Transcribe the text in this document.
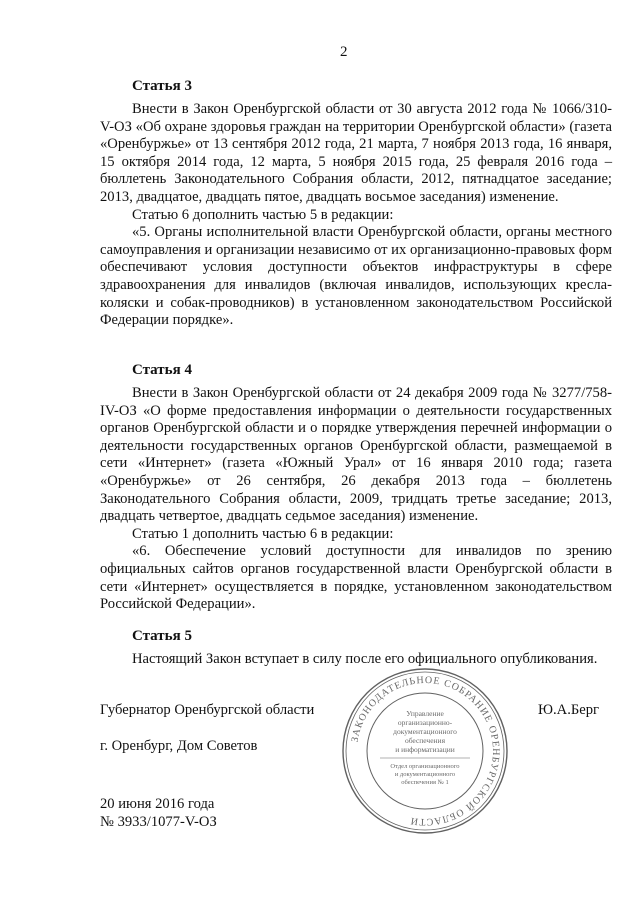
2
Статья 3

Внести в Закон Оренбургской области от 30 августа 2012 года № 1066/310-V-ОЗ «Об охране здоровья граждан на территории Оренбургской области» (газета «Оренбуржье» от 13 сентября 2012 года, 21 марта, 7 ноября 2013 года, 16 января, 15 октября 2014 года, 12 марта, 5 ноября 2015 года, 25 февраля 2016 года – бюллетень Законодательного Собрания области, 2012, пятнадцатое заседание; 2013, двадцатое, двадцать пятое, двадцать восьмое заседания) изменение.

Статью 6 дополнить частью 5 в редакции:

«5. Органы исполнительной власти Оренбургской области, органы местного самоуправления и организации независимо от их организационно-правовых форм обеспечивают условия доступности объектов инфраструктуры в сфере здравоохранения для инвалидов (включая инвалидов, использующих кресла-коляски и собак-проводников) в установленном законодательством Российской Федерации порядке».

Статья 4

Внести в Закон Оренбургской области от 24 декабря 2009 года № 3277/758-IV-ОЗ «О форме предоставления информации о деятельности государственных органов Оренбургской области и о порядке утверждения перечней информации о деятельности государственных органов Оренбургской области, размещаемой в сети «Интернет» (газета «Южный Урал» от 16 января 2010 года; газета «Оренбуржье» от 26 сентября, 26 декабря 2013 года – бюллетень Законодательного Собрания области, 2009, тридцать третье заседание; 2013, двадцать четвертое, двадцать седьмое заседания) изменение.

Статью 1 дополнить частью 6 в редакции:

«6. Обеспечение условий доступности для инвалидов по зрению официальных сайтов органов государственной власти Оренбургской области в сети «Интернет» осуществляется в порядке, установленном законодательством Российской Федерации».

Статья 5

Настоящий Закон вступает в силу после его официального опубликования.

Губернатор Оренбургской области	Ю.А.Берг
г. Оренбург, Дом Советов
20 июня 2016 года
№ 3933/1077-V-ОЗ
ЗАКОНОДАТЕЛЬНОЕ СОБРАНИЕ ОРЕНБУРГСКОЙ ОБЛАСТИ
Управление
организационно-
документационного
обеспечения
и информатизации
Отдел организационного
и документационного
обеспечения № 1
